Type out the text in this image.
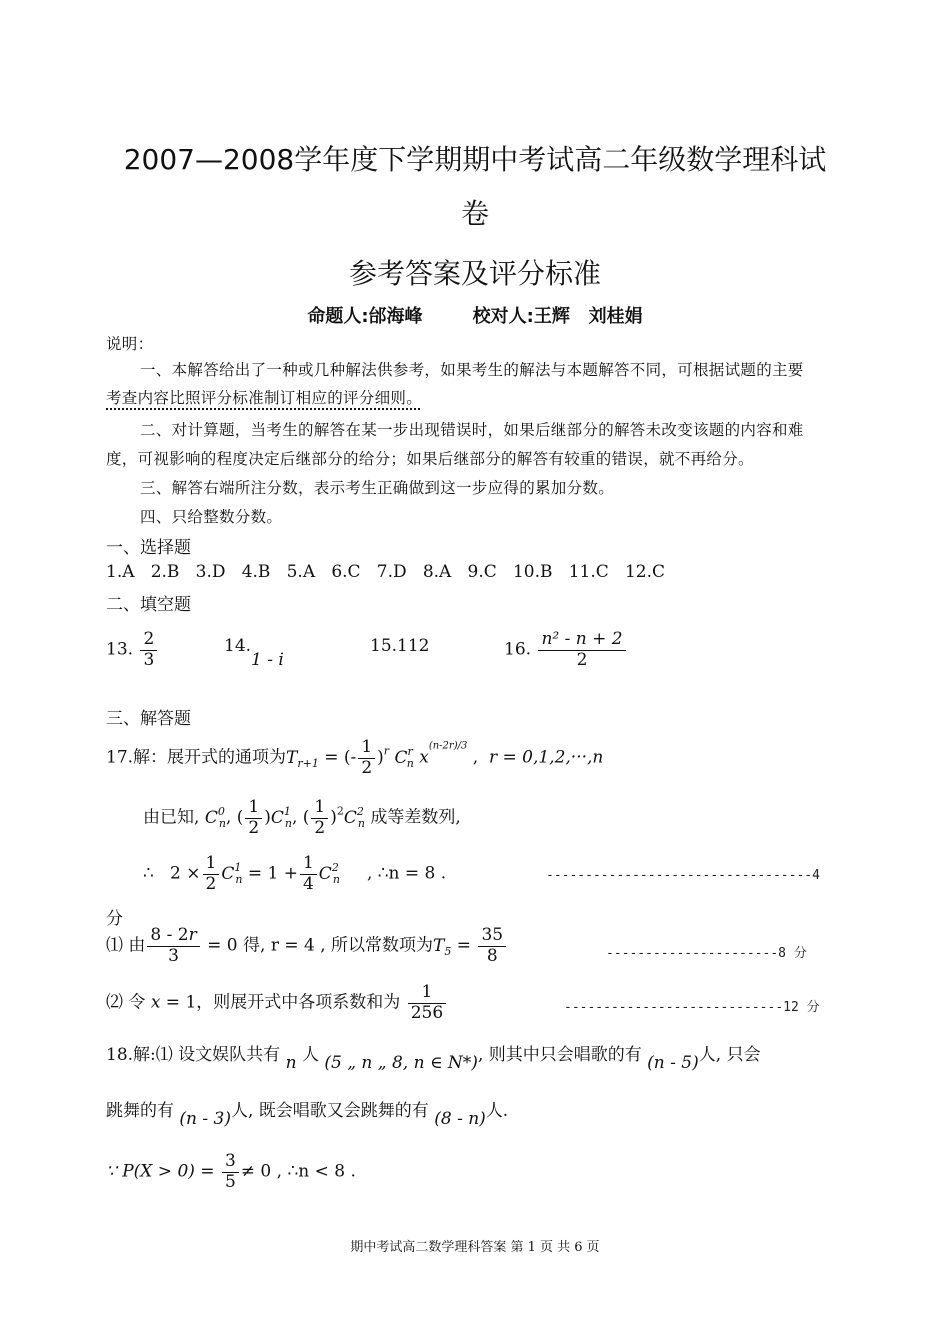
2007—2008学年度下学期期中考试高二年级数学理科试
卷
参考答案及评分标准
命题人:邰海峰        校对人:王辉   刘桂娟
说明：
一、本解答给出了一种或几种解法供参考，如果考生的解法与本题解答不同，可根据试题的主要
考查内容比照评分标准制订相应的评分细则。
二、对计算题，当考生的解答在某一步出现错误时，如果后继部分的解答未改变该题的内容和难
度，可视影响的程度决定后继部分的给分；如果后继部分的解答有较重的错误，就不再给分。
三、解答右端所注分数，表示考生正确做到这一步应得的累加分数。
四、只给整数分数。
一、选择题
1.A   2.B   3.D   4.B   5.A   6.C   7.D   8.A   9.C   10.B   11.C   12.C
二、填空题
13. $\frac{2}{3}$	14.1 - i
15.112	16. $\frac{\text{n² - n + 2}}{2}$
三、解答题
17.解：展开式的通项为$T_{r+1}$ = (- $\frac{1}{2} )^r$ $C^r_n$ $x^{(n-2r)/3}$ ,  r = 0,1,2,···,n
由已知, $C^0_n$, ( $\frac{1}{2} )C^1_n$, ( $\frac{1}{2} )^2C^2_n$ 成等差数列,
∴   $2 \times \frac{1}{2} C^1_n = 1 + \frac{1}{4} C^2_n$ , ∴n = 8 .	----------------------------------4
分
⑴ 由 $\frac{8 - 2r}{3} = 0$ 得, r = 4 , 所以常数项为$T_5 = \frac{35}{8}$	----------------------8 分
⑵ 令 x = 1，则展开式中各项系数和为 $\frac{1}{256}$	----------------------------12 分
18.解:⑴ 设文娱队共有 n 人 (5 „ n „ 8, n ∈ N*), 则其中只会唱歌的有 (n - 5)人, 只会
跳舞的有 (n - 3)人, 既会唱歌又会跳舞的有 (8 - n)人.
∵ $P(X > 0) = \frac{3}{5} \ne 0$ , ∴n < 8 .
期中考试高二数学理科答案 第 1 页 共 6 页
